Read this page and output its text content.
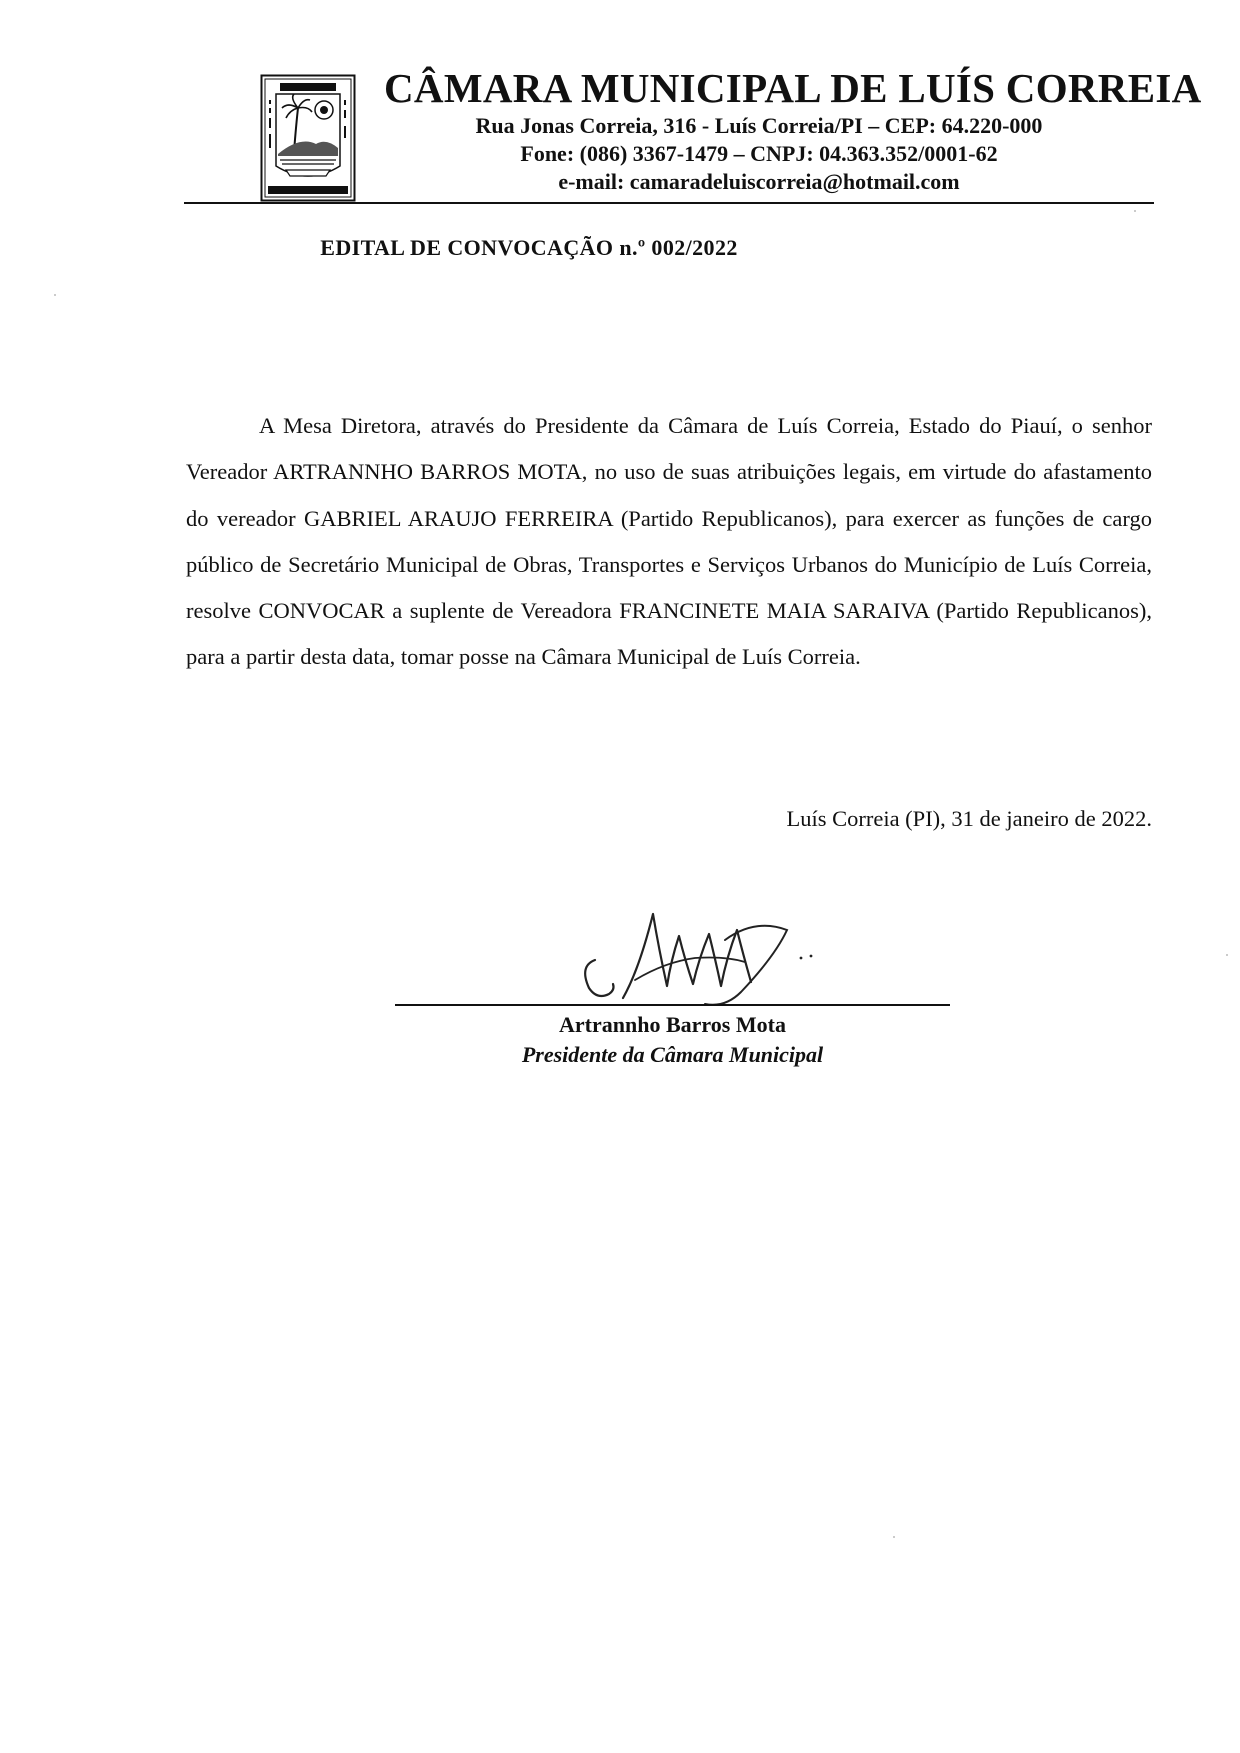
CÂMARA MUNICIPAL DE LUÍS CORREIA
Rua Jonas Correia, 316 - Luís Correia/PI – CEP: 64.220-000
Fone: (086) 3367-1479 – CNPJ: 04.363.352/0001-62
e-mail: camaradeluiscorreia@hotmail.com
EDITAL DE CONVOCAÇÃO n.º 002/2022

A Mesa Diretora, através do Presidente da Câmara de Luís Correia, Estado do Piauí, o senhor Vereador ARTRANNHO BARROS MOTA, no uso de suas atribuições legais, em virtude do afastamento do vereador GABRIEL ARAUJO FERREIRA (Partido Republicanos), para exercer as funções de cargo público de Secretário Municipal de Obras, Transportes e Serviços Urbanos do Município de Luís Correia, resolve CONVOCAR a suplente de Vereadora FRANCINETE MAIA SARAIVA (Partido Republicanos), para a partir desta data, tomar posse na Câmara Municipal de Luís Correia.

Luís Correia (PI), 31 de janeiro de 2022.
Artrannho Barros Mota
Presidente da Câmara Municipal
